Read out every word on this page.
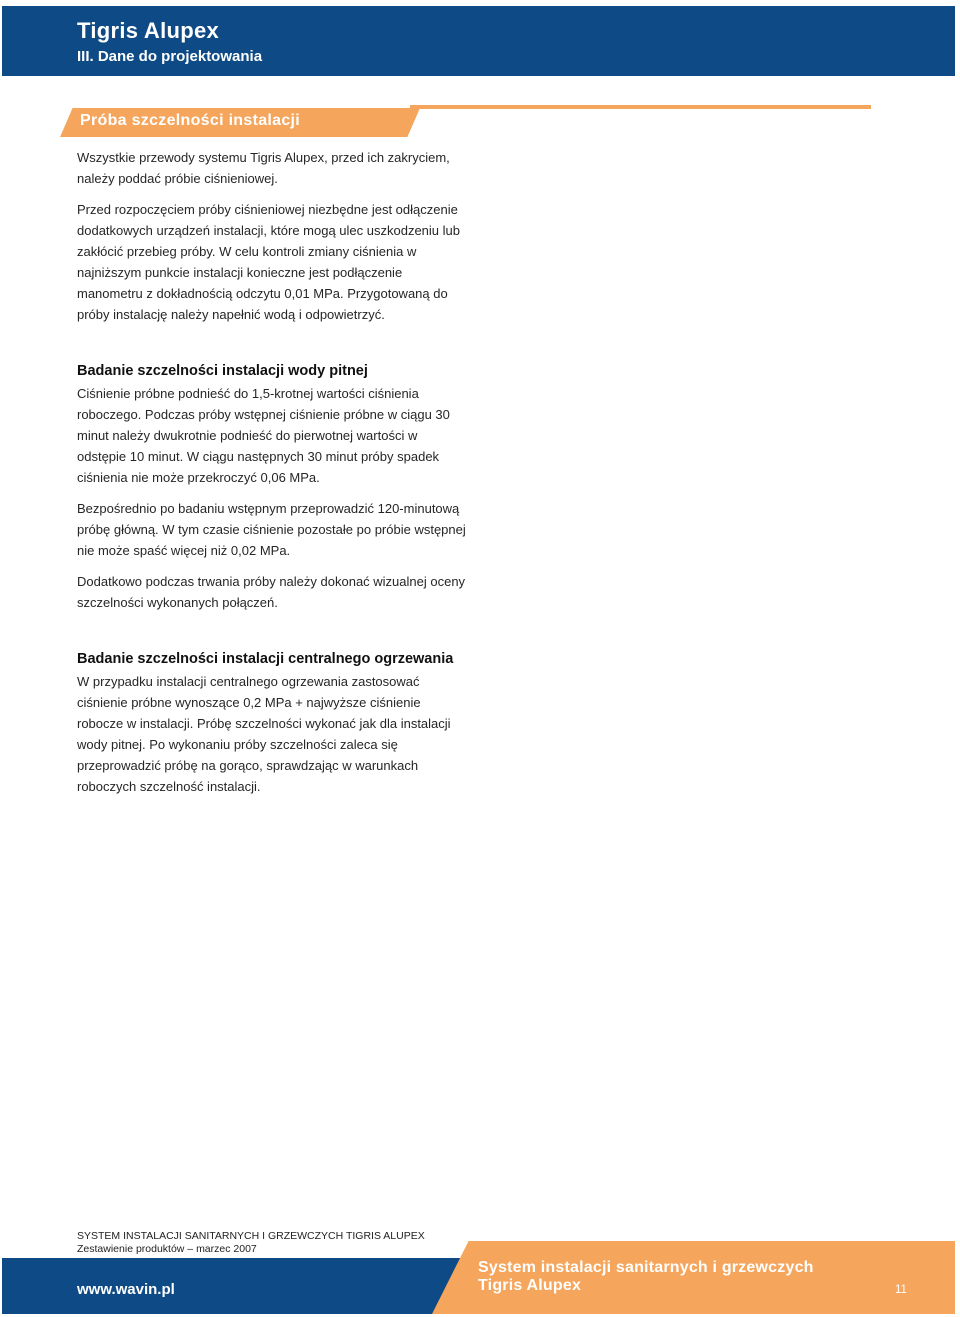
Tigris Alupex
III. Dane do projektowania
Próba szczelności instalacji

Wszystkie przewody systemu Tigris Alupex, przed ich zakryciem, należy poddać próbie ciśnieniowej.

Przed rozpoczęciem próby ciśnieniowej niezbędne jest odłączenie dodatkowych urządzeń instalacji, które mogą ulec uszkodzeniu lub zakłócić przebieg próby. W celu kontroli zmiany ciśnienia w najniższym punkcie instalacji konieczne jest podłączenie manometru z dokładnością odczytu 0,01 MPa. Przygotowaną do próby instalację należy napełnić wodą i odpowietrzyć.

Badanie szczelności instalacji wody pitnej

Ciśnienie próbne podnieść do 1,5-krotnej wartości ciśnienia roboczego. Podczas próby wstępnej ciśnienie próbne w ciągu 30 minut należy dwukrotnie podnieść do pierwotnej wartości w odstępie 10 minut. W ciągu następnych 30 minut próby spadek ciśnienia nie może przekroczyć 0,06 MPa.

Bezpośrednio po badaniu wstępnym przeprowadzić 120-minutową próbę główną. W tym czasie ciśnienie pozostałe po próbie wstępnej nie może spaść więcej niż 0,02 MPa.

Dodatkowo podczas trwania próby należy dokonać wizualnej oceny szczelności wykonanych połączeń.

Badanie szczelności instalacji centralnego ogrzewania

W przypadku instalacji centralnego ogrzewania zastosować ciśnienie próbne wynoszące 0,2 MPa + najwyższe ciśnienie robocze w instalacji. Próbę szczelności wykonać jak dla instalacji wody pitnej. Po wykonaniu próby szczelności zaleca się przeprowadzić próbę na gorąco, sprawdzając w warunkach roboczych szczelność instalacji.

SYSTEM INSTALACJI SANITARNYCH I GRZEWCZYCH TIGRIS ALUPEX
Zestawienie produktów – marzec 2007
www.wavin.pl
System instalacji sanitarnych i grzewczych
Tigris Alupex	11
